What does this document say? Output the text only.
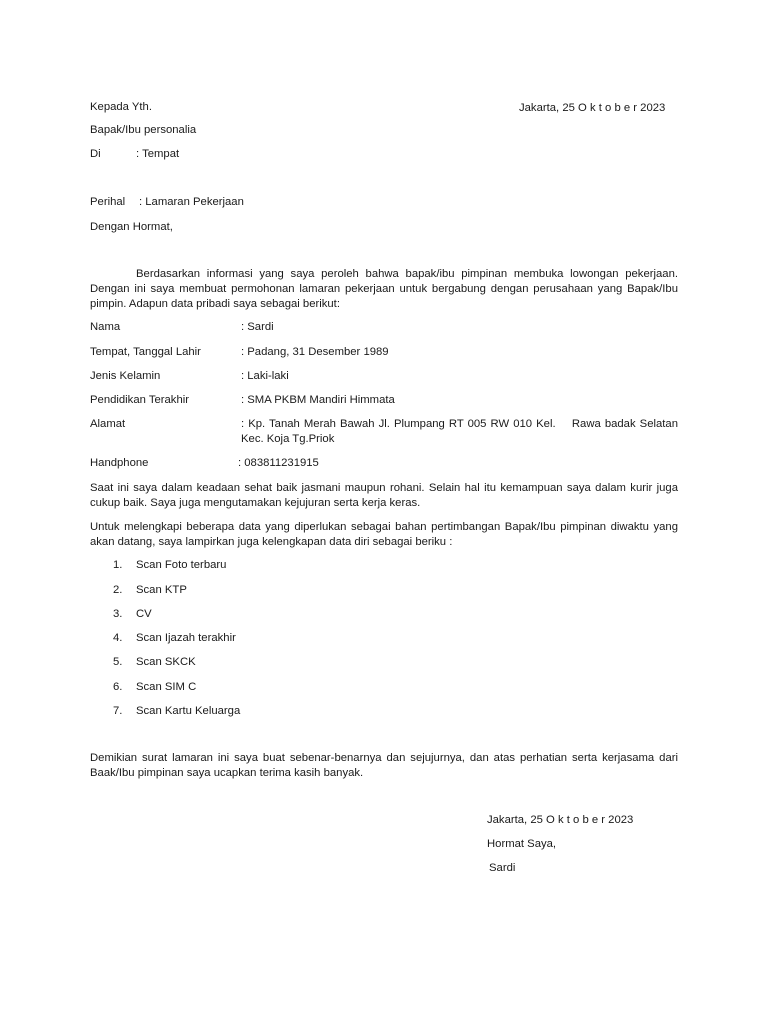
Kepada Yth.	Jakarta, 25 O k t o b e r 2023
Bapak/Ibu personalia
Di	: Tempat
Perihal : Lamaran Pekerjaan
Dengan Hormat,
Berdasarkan informasi yang saya peroleh bahwa bapak/ibu pimpinan membuka lowongan pekerjaan. Dengan ini saya membuat permohonan lamaran pekerjaan untuk bergabung dengan perusahaan yang Bapak/Ibu pimpin. Adapun data pribadi saya sebagai berikut:
Nama	: Sardi
Tempat, Tanggal Lahir	: Padang, 31 Desember 1989
Jenis Kelamin	: Laki-laki
Pendidikan Terakhir	: SMA PKBM Mandiri Himmata
Alamat	: Kp. Tanah Merah Bawah Jl. Plumpang RT 005 RW 010 Kel.    Rawa badak Selatan Kec. Koja Tg.Priok
Handphone	: 083811231915
Saat ini saya dalam keadaan sehat baik jasmani maupun rohani. Selain hal itu kemampuan saya dalam kurir juga cukup baik. Saya juga mengutamakan kejujuran serta kerja keras.
Untuk melengkapi beberapa data yang diperlukan sebagai bahan pertimbangan Bapak/Ibu pimpinan diwaktu yang akan datang, saya lampirkan juga kelengkapan data diri sebagai beriku :
1. Scan Foto terbaru
2. Scan KTP
3. CV
4. Scan Ijazah terakhir
5. Scan SKCK
6. Scan SIM C
7. Scan Kartu Keluarga
Demikian surat lamaran ini saya buat sebenar-benarnya dan sejujurnya, dan atas perhatian serta kerjasama dari Baak/Ibu pimpinan saya ucapkan terima kasih banyak.
Jakarta, 25 O k t o b e r 2023
Hormat Saya,
Sardi
